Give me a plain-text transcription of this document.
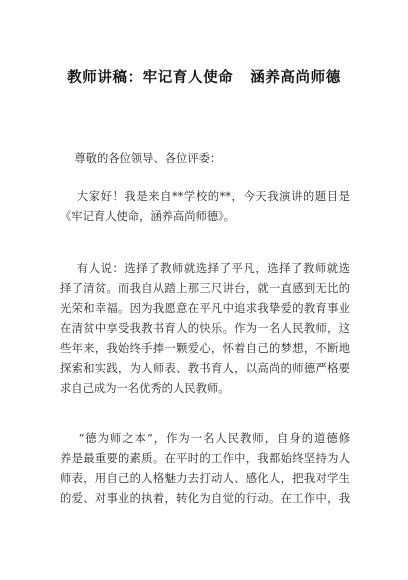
教师讲稿：牢记育人使命   涵养高尚师德
尊敬的各位领导、各位评委：
大家好！我是来自**学校的**，今天我演讲的题目是
《牢记育人使命，涵养高尚师德》。
有人说：选择了教师就选择了平凡，选择了教师就选
择了清贫。而我自从踏上那三尺讲台，就一直感到无比的
光荣和幸福。因为我愿意在平凡中追求我挚爱的教育事业
在清贫中享受我教书育人的快乐。作为一名人民教师，这
些年来，我始终手捧一颗爱心，怀着自己的梦想，不断地
探索和实践，为人师表、教书育人，以高尚的师德严格要
求自己成为一名优秀的人民教师。
“德为师之本”，作为一名人民教师，自身的道德修
养是最重要的素质。在平时的工作中，我都始终坚持为人
师表，用自己的人格魅力去打动人、感化人，把我对学生
的爱、对事业的执着，转化为自觉的行动。在工作中，我
